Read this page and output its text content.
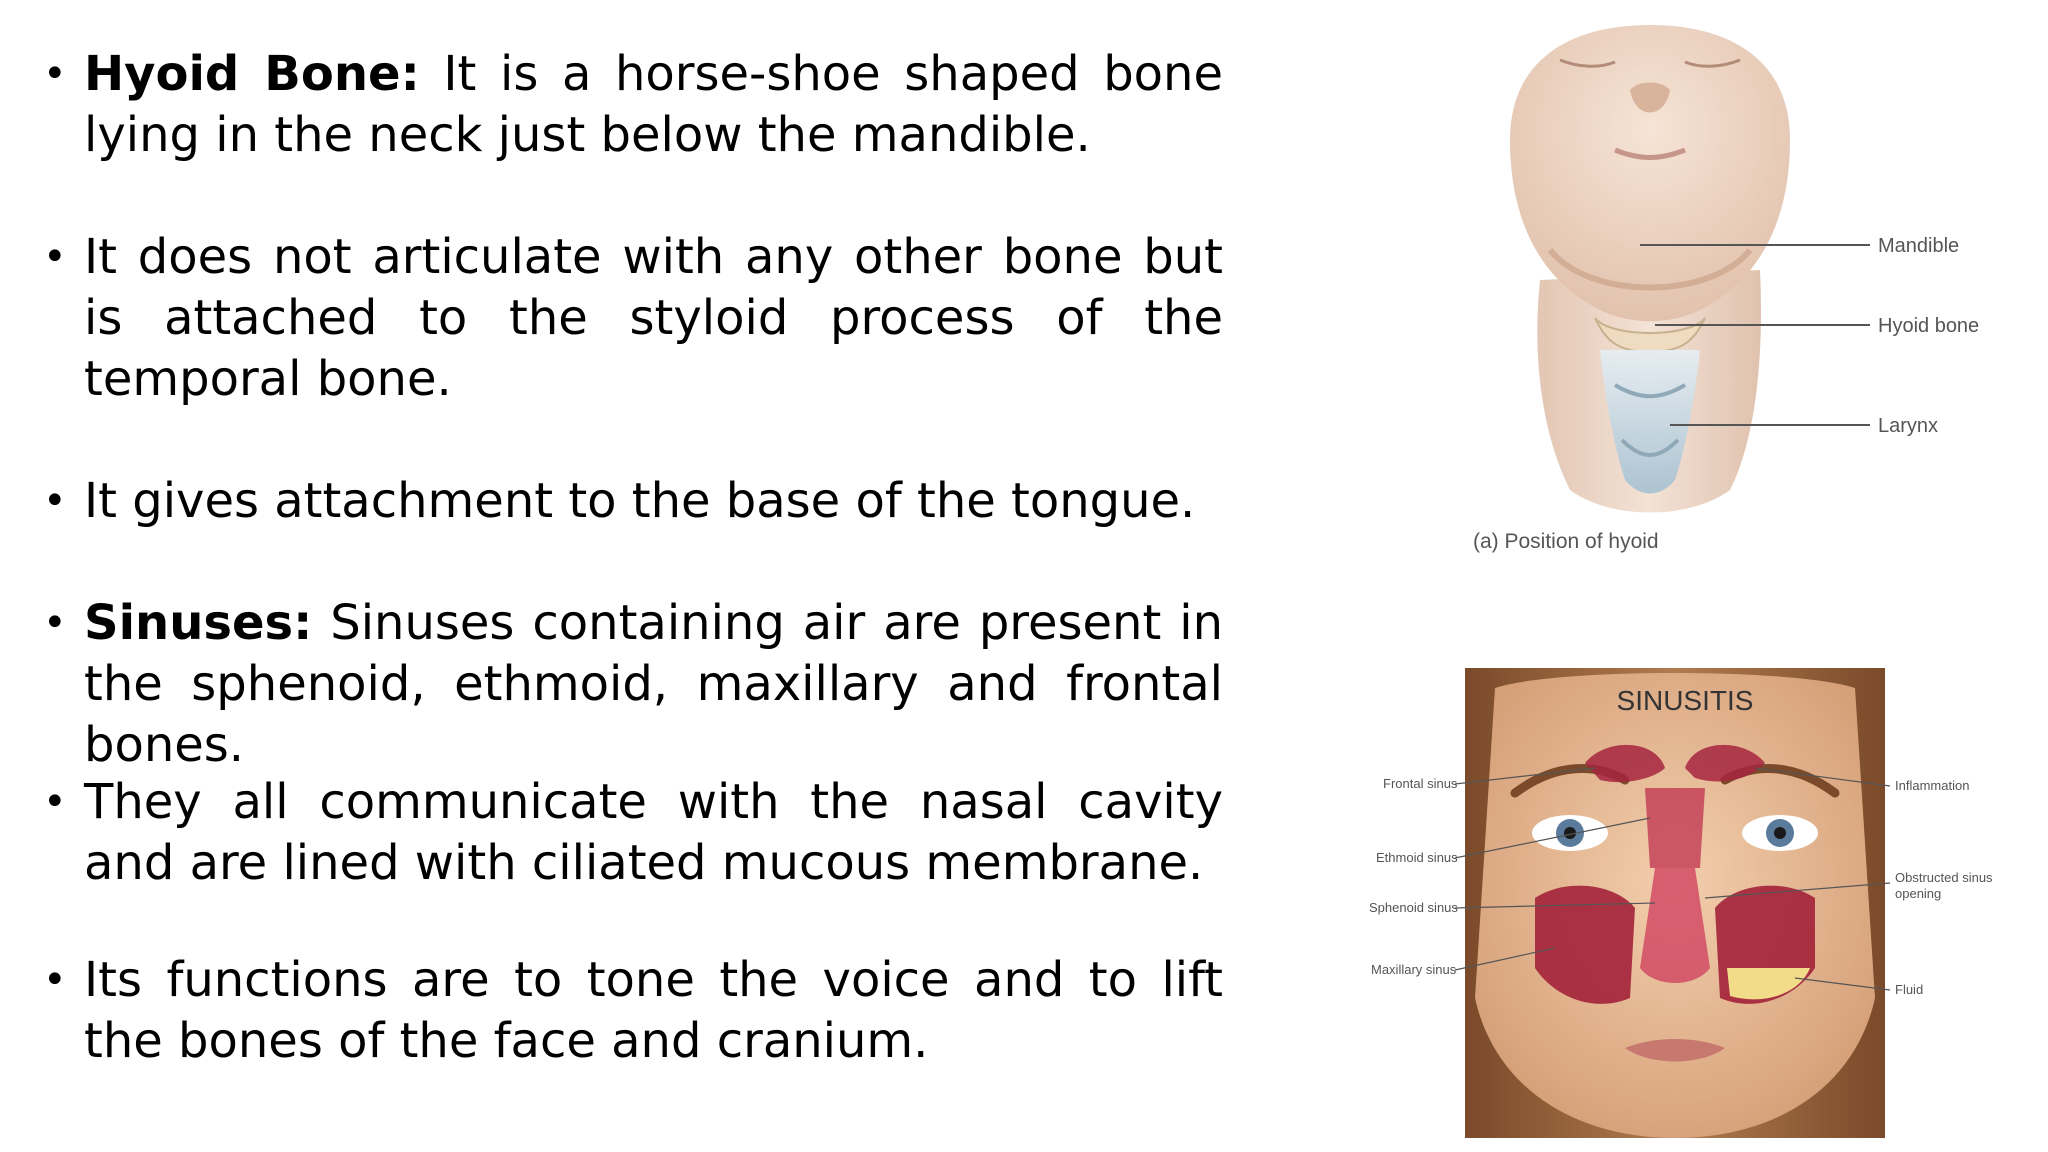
• Hyoid Bone: It is a horse-shoe shaped bone lying in the neck just below the mandible.
• It does not articulate with any other bone but is attached to the styloid process of the temporal bone.
• It gives attachment to the base of the tongue.
• Sinuses: Sinuses containing air are present in the sphenoid, ethmoid, maxillary and frontal bones.
• They all communicate with the nasal cavity and are lined with ciliated mucous membrane.
• Its functions are to tone the voice and to lift the bones of the face and cranium.
Mandible
Hyoid bone
Larynx
(a) Position of hyoid
SINUSITIS
Frontal sinus
Ethmoid sinus
Sphenoid sinus
Maxillary sinus
Inflammation
Obstructed sinus
opening
Fluid
